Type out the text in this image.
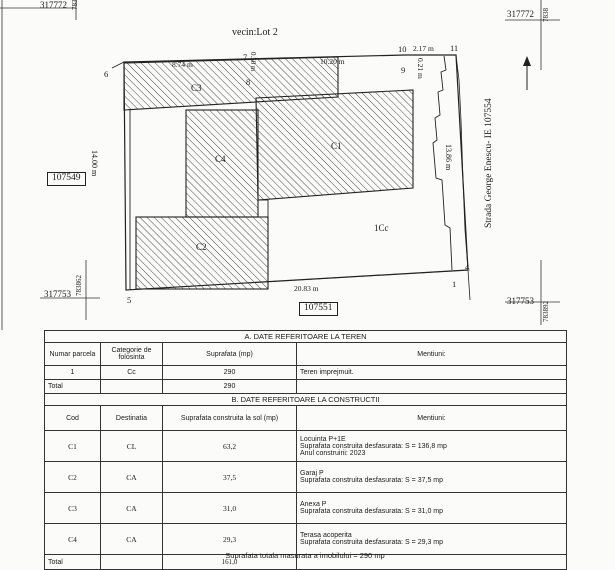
317772 783
317772 7838
317753 783862
317753 783892
vecin:Lot 2
Strada George Enescu- IE 107554
107549
107551
8.74 m	0.50 m	10.20 m
2.17 m
0.21 m
14.00 m	13.86 m
20.83 m	1
4
5
6
7
8
9
10	11
C1
C2
C3
C4
1Cc
A. DATE REFERITOARE LA TEREN			
Numar parcela	Categorie de folosinta	Suprafata (mp)	Mentiuni:
1	Cc	290	Teren imprejmuit.
Total		290	
B. DATE REFERITOARE LA CONSTRUCTII			
Cod	Destinatia	Suprafata construita la sol (mp)	Mentiuni:
C1	CL	63,2	Locuinta P+1E
Suprafata construita desfasurata: S = 136,8 mp
Anul construirii: 2023

C2	CA	37,5	Garaj P
Suprafata construita desfasurata: S = 37,5 mp

C3	CA	31,0	Anexa P
Suprafata construita desfasurata: S = 31,0 mp

C4	CA	29,3	Terasa acoperita
Suprafata construita desfasurata: S = 29,3 mp

Total		161,0	
Suprafata totala masurata a imobilului = 290 mp
